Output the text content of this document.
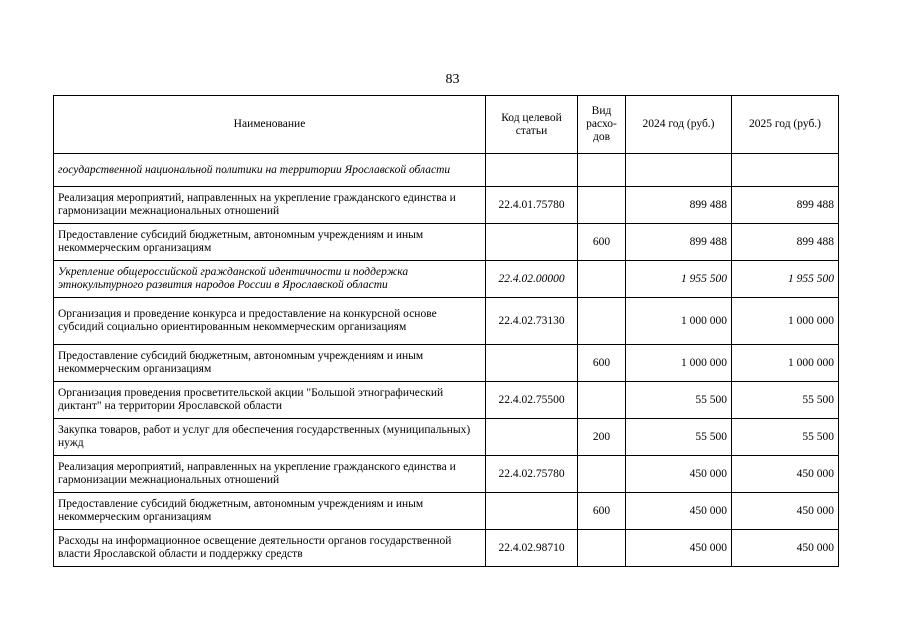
83
Наименование	Код целевой статьи	Вид расхо-дов	2024 год (руб.)	2025 год (руб.)
государственной национальной политики на территории Ярославской области				
Реализация мероприятий, направленных на укрепление гражданского единства и гармонизации межнациональных отношений	22.4.01.75780		899 488	899 488
Предоставление субсидий бюджетным, автономным учреждениям и иным некоммерческим организациям		600	899 488	899 488
Укрепление общероссийской гражданской идентичности и поддержка этнокультурного развития народов России в Ярославской области	22.4.02.00000		1 955 500	1 955 500
Организация и проведение конкурса и предоставление на конкурсной основе субсидий социально ориентированным некоммерческим организациям	22.4.02.73130		1 000 000	1 000 000
Предоставление субсидий бюджетным, автономным учреждениям и иным некоммерческим организациям		600	1 000 000	1 000 000
Организация проведения просветительской акции "Большой этнографический диктант" на территории Ярославской области	22.4.02.75500		55 500	55 500
Закупка товаров, работ и услуг для обеспечения государственных (муниципальных) нужд		200	55 500	55 500
Реализация мероприятий, направленных на укрепление гражданского единства и гармонизации межнациональных отношений	22.4.02.75780		450 000	450 000
Предоставление субсидий бюджетным, автономным учреждениям и иным некоммерческим организациям		600	450 000	450 000
Расходы на информационное освещение деятельности органов государственной власти Ярославской области и поддержку средств	22.4.02.98710		450 000	450 000
